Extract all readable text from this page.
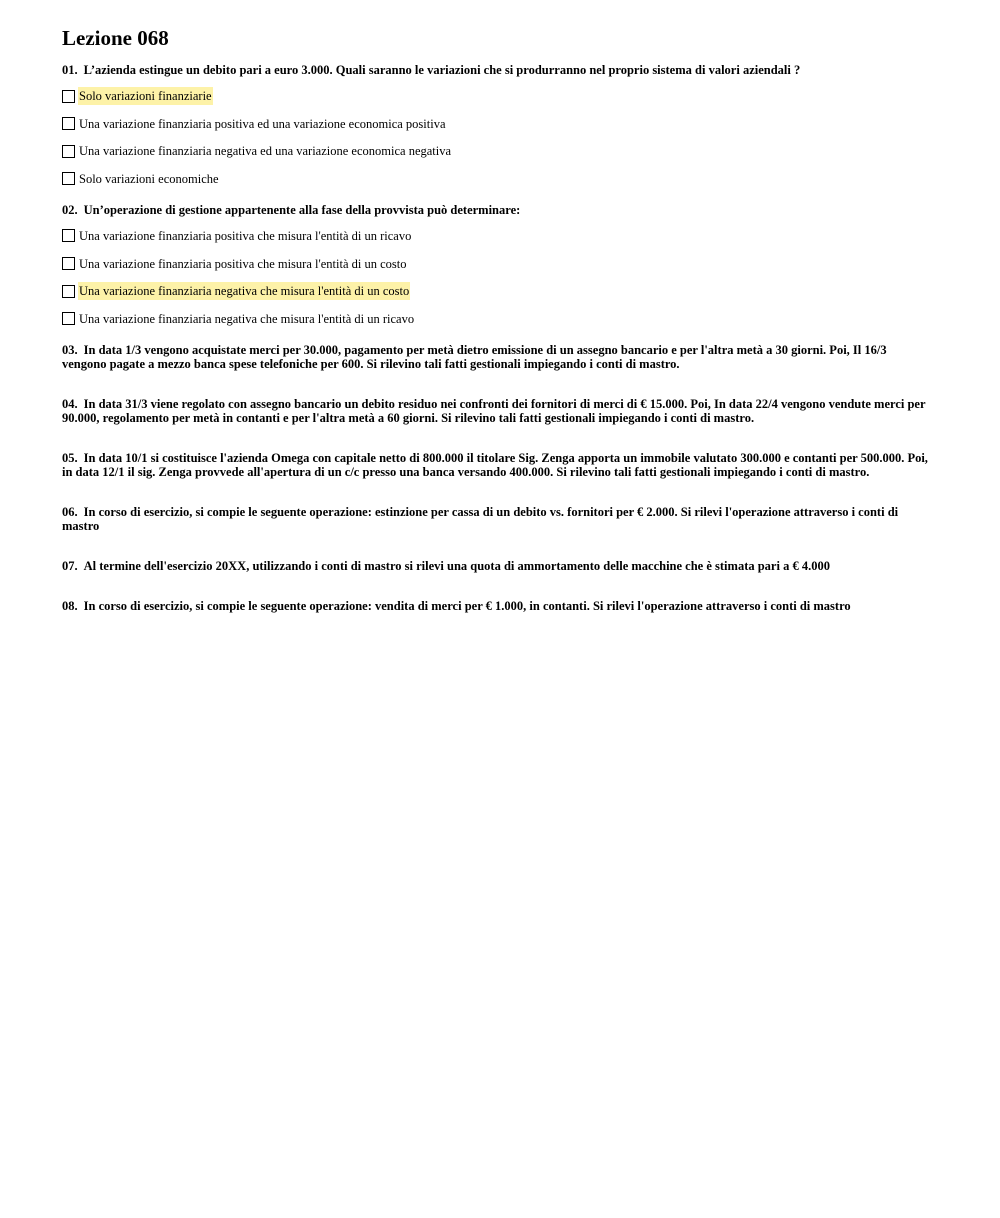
Lezione 068

01. L’azienda estingue un debito pari a euro 3.000. Quali saranno le variazioni che si produrranno nel proprio sistema di valori aziendali ?

Solo variazioni finanziarie
Una variazione finanziaria positiva ed una variazione economica positiva
Una variazione finanziaria negativa ed una variazione economica negativa
Solo variazioni economiche

02. Un’operazione di gestione appartenente alla fase della provvista può determinare:

Una variazione finanziaria positiva che misura l'entità di un ricavo
Una variazione finanziaria positiva che misura l'entità di un costo
Una variazione finanziaria negativa che misura l'entità di un costo
Una variazione finanziaria negativa che misura l'entità di un ricavo

03. In data 1/3 vengono acquistate merci per 30.000, pagamento per metà dietro emissione di un assegno bancario e per l'altra metà a 30 giorni. Poi, Il 16/3 vengono pagate a mezzo banca spese telefoniche per 600. Si rilevino tali fatti gestionali impiegando i conti di mastro.

04. In data 31/3 viene regolato con assegno bancario un debito residuo nei confronti dei fornitori di merci di € 15.000. Poi, In data 22/4 vengono vendute merci per 90.000, regolamento per metà in contanti e per l'altra metà a 60 giorni. Si rilevino tali fatti gestionali impiegando i conti di mastro.

05. In data 10/1 si costituisce l'azienda Omega con capitale netto di 800.000 il titolare Sig. Zenga apporta un immobile valutato 300.000 e contanti per 500.000. Poi, in data 12/1 il sig. Zenga provvede all'apertura di un c/c presso una banca versando 400.000. Si rilevino tali fatti gestionali impiegando i conti di mastro.

06. In corso di esercizio, si compie le seguente operazione: estinzione per cassa di un debito vs. fornitori per € 2.000. Si rilevi l'operazione attraverso i conti di mastro

07. Al termine dell'esercizio 20XX, utilizzando i conti di mastro si rilevi una quota di ammortamento delle macchine che è stimata pari a € 4.000

08. In corso di esercizio, si compie le seguente operazione: vendita di merci per € 1.000, in contanti. Si rilevi l'operazione attraverso i conti di mastro
